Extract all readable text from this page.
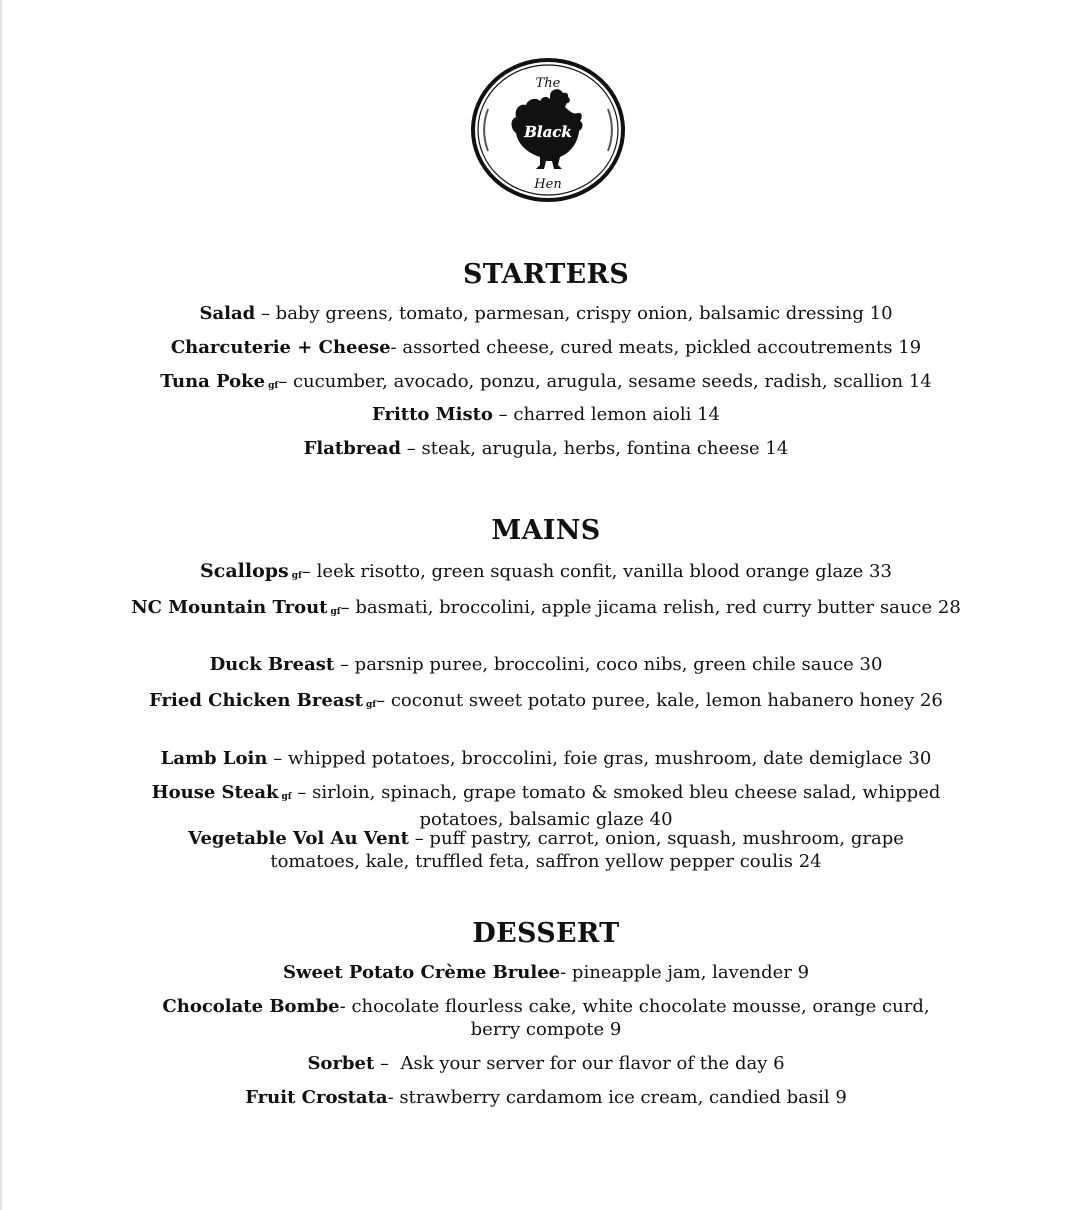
The
Black
Hen
STARTERS
Salad – baby greens, tomato, parmesan, crispy onion, balsamic dressing 10
Charcuterie + Cheese- assorted cheese, cured meats, pickled accoutrements 19
Tuna Poke gf– cucumber, avocado, ponzu, arugula, sesame seeds, radish, scallion 14
Fritto Misto – charred lemon aioli 14
Flatbread – steak, arugula, herbs, fontina cheese 14
MAINS
Scallops gf– leek risotto, green squash confit, vanilla blood orange glaze 33
NC Mountain Trout gf– basmati, broccolini, apple jicama relish, red curry butter sauce 28
Duck Breast – parsnip puree, broccolini, coco nibs, green chile sauce 30
Fried Chicken Breast gf– coconut sweet potato puree, kale, lemon habanero honey 26
Lamb Loin – whipped potatoes, broccolini, foie gras, mushroom, date demiglace 30
House Steak gf – sirloin, spinach, grape tomato & smoked bleu cheese salad, whipped potatoes, balsamic glaze 40
Vegetable Vol Au Vent – puff pastry, carrot, onion, squash, mushroom, grape tomatoes, kale, truffled feta, saffron yellow pepper coulis 24
DESSERT
Sweet Potato Crème Brulee- pineapple jam, lavender 9
Chocolate Bombe- chocolate flourless cake, white chocolate mousse, orange curd, berry compote 9
Sorbet –  Ask your server for our flavor of the day 6
Fruit Crostata- strawberry cardamom ice cream, candied basil 9
